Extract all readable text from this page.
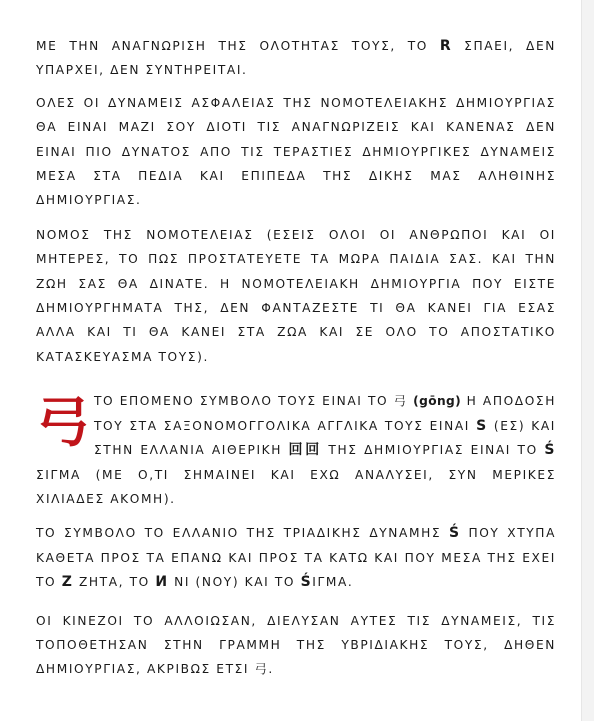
ΜΕ ΤΗΝ ΑΝΑΓΝΩΡΙΣΗ ΤΗΣ ΟΛΟΤΗΤΑΣ ΤΟΥΣ, ΤΟ R ΣΠΑΕΙ, ΔΕΝ ΥΠΑΡΧΕΙ, ΔΕΝ ΣΥΝΤΗΡΕΙΤΑΙ.

ΟΛΕΣ ΟΙ ΔΥΝΑΜΕΙΣ ΑΣΦΑΛΕΙΑΣ ΤΗΣ ΝΟΜΟΤΕΛΕΙΑΚΗΣ ΔΗΜΙΟΥΡΓΙΑΣ ΘΑ ΕΙΝΑΙ ΜΑΖΙ ΣΟΥ ΔΙΟΤΙ ΤΙΣ ΑΝΑΓΝΩΡΙΖΕΙΣ ΚΑΙ ΚΑΝΕΝΑΣ ΔΕΝ ΕΙΝΑΙ ΠΙΟ ΔΥΝΑΤΟΣ ΑΠΟ ΤΙΣ ΤΕΡΑΣΤΙΕΣ ΔΗΜΙΟΥΡΓΙΚΕΣ ΔΥΝΑΜΕΙΣ ΜΕΣΑ ΣΤΑ ΠΕΔΙΑ ΚΑΙ ΕΠΙΠΕΔΑ ΤΗΣ ΔΙΚΗΣ ΜΑΣ ΑΛΗΘΙΝΗΣ ΔΗΜΙΟΥΡΓΙΑΣ.

ΝΟΜΟΣ ΤΗΣ ΝΟΜΟΤΕΛΕΙΑΣ (ΕΣΕΙΣ ΟΛΟΙ ΟΙ ΑΝΘΡΩΠΟΙ ΚΑΙ ΟΙ ΜΗΤΕΡΕΣ, ΤΟ ΠΩΣ ΠΡΟΣΤΑΤΕΥΕΤΕ ΤΑ ΜΩΡΑ ΠΑΙΔΙΑ ΣΑΣ. ΚΑΙ ΤΗΝ ΖΩΗ ΣΑΣ ΘΑ ΔΙΝΑΤΕ. Η ΝΟΜΟΤΕΛΕΙΑΚΗ ΔΗΜΙΟΥΡΓΙΑ ΠΟΥ ΕΙΣΤΕ ΔΗΜΙΟΥΡΓΗΜΑΤΑ ΤΗΣ, ΔΕΝ ΦΑΝΤΑΖΕΣΤΕ ΤΙ ΘΑ ΚΑΝΕΙ ΓΙΑ ΕΣΑΣ ΑΛΛΑ ΚΑΙ ΤΙ ΘΑ ΚΑΝΕΙ ΣΤΑ ΖΩΑ ΚΑΙ ΣΕ ΟΛΟ ΤΟ ΑΠΟΣΤΑΤΙΚΟ ΚΑΤΑΣΚΕΥΑΣΜΑ ΤΟΥΣ).

弓 ΤΟ ΕΠΟΜΕΝΟ ΣΥΜΒΟΛΟ ΤΟΥΣ ΕΙΝΑΙ ΤΟ 弓 (gōng) Η ΑΠΟΔΟΣΗ ΤΟΥ ΣΤΑ ΣΑΞΟΝΟΜΟΓΓΟΛΙΚΑ ΑΓΓΛΙΚΑ ΤΟΥΣ ΕΙΝΑΙ S (ΕΣ) ΚΑΙ ΣΤΗΝ ΕΛΛΑΝΙΑ ΑΙΘΕΡΙΚΗ 回回 ΤΗΣ ΔΗΜΙΟΥΡΓΙΑΣ ΕΙΝΑΙ ΤΟ Ś ΣΙΓΜΑ (ΜΕ Ο,ΤΙ ΣΗΜΑΙΝΕΙ ΚΑΙ ΕΧΩ ΑΝΑΛΥΣΕΙ, ΣΥΝ ΜΕΡΙΚΕΣ ΧΙΛΙΑΔΕΣ ΑΚΟΜΗ).

ΤΟ ΣΥΜΒΟΛΟ ΤΟ ΕΛΛΑΝΙΟ ΤΗΣ ΤΡΙΑΔΙΚΗΣ ΔΥΝΑΜΗΣ Ś ΠΟΥ ΧΤΥΠΑ ΚΑΘΕΤΑ ΠΡΟΣ ΤΑ ΕΠΑΝΩ ΚΑΙ ΠΡΟΣ ΤΑ ΚΑΤΩ ΚΑΙ ΠΟΥ ΜΕΣΑ ΤΗΣ ΕΧΕΙ ΤΟ Z ΖΗΤΑ, ΤΟ И ΝΙ (ΝΟΥ) ΚΑΙ ΤΟ ŚΙΓΜΑ.

ΟΙ ΚΙΝΕΖΟΙ ΤΟ ΑΛΛΟΙΩΣΑΝ, ΔΙΕΛΥΣΑΝ ΑΥΤΕΣ ΤΙΣ ΔΥΝΑΜΕΙΣ, ΤΙΣ ΤΟΠΟΘΕΤΗΣΑΝ ΣΤΗΝ ΓΡΑΜΜΗ ΤΗΣ ΥΒΡΙΔΙΑΚΗΣ ΤΟΥΣ, ΔΗΘΕΝ ΔΗΜΙΟΥΡΓΙΑΣ, ΑΚΡΙΒΩΣ ΕΤΣΙ 弓.
